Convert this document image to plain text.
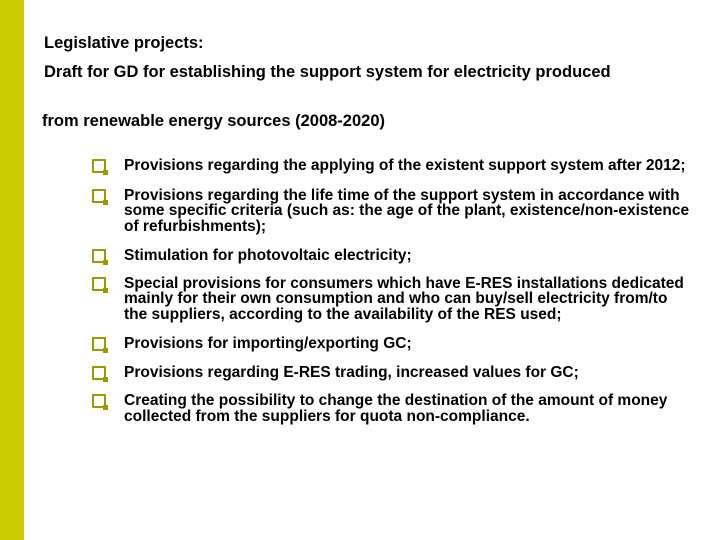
Legislative projects:

Draft for GD for establishing the support system for electricity produced

from renewable energy sources (2008-2020)

Provisions regarding the applying of the existent support system after 2012;
Provisions regarding the life time of the support system in accordance with some specific criteria (such as: the age of the plant, existence/non-existence of refurbishments);
Stimulation for photovoltaic electricity;
Special provisions for consumers which have E-RES installations dedicated mainly for their own consumption and who can buy/sell electricity from/to the suppliers, according to the availability of the RES used;
Provisions for importing/exporting GC;
Provisions regarding E-RES trading, increased values for GC;
Creating the possibility to change the destination of the amount of money collected from the suppliers for quota non-compliance.
